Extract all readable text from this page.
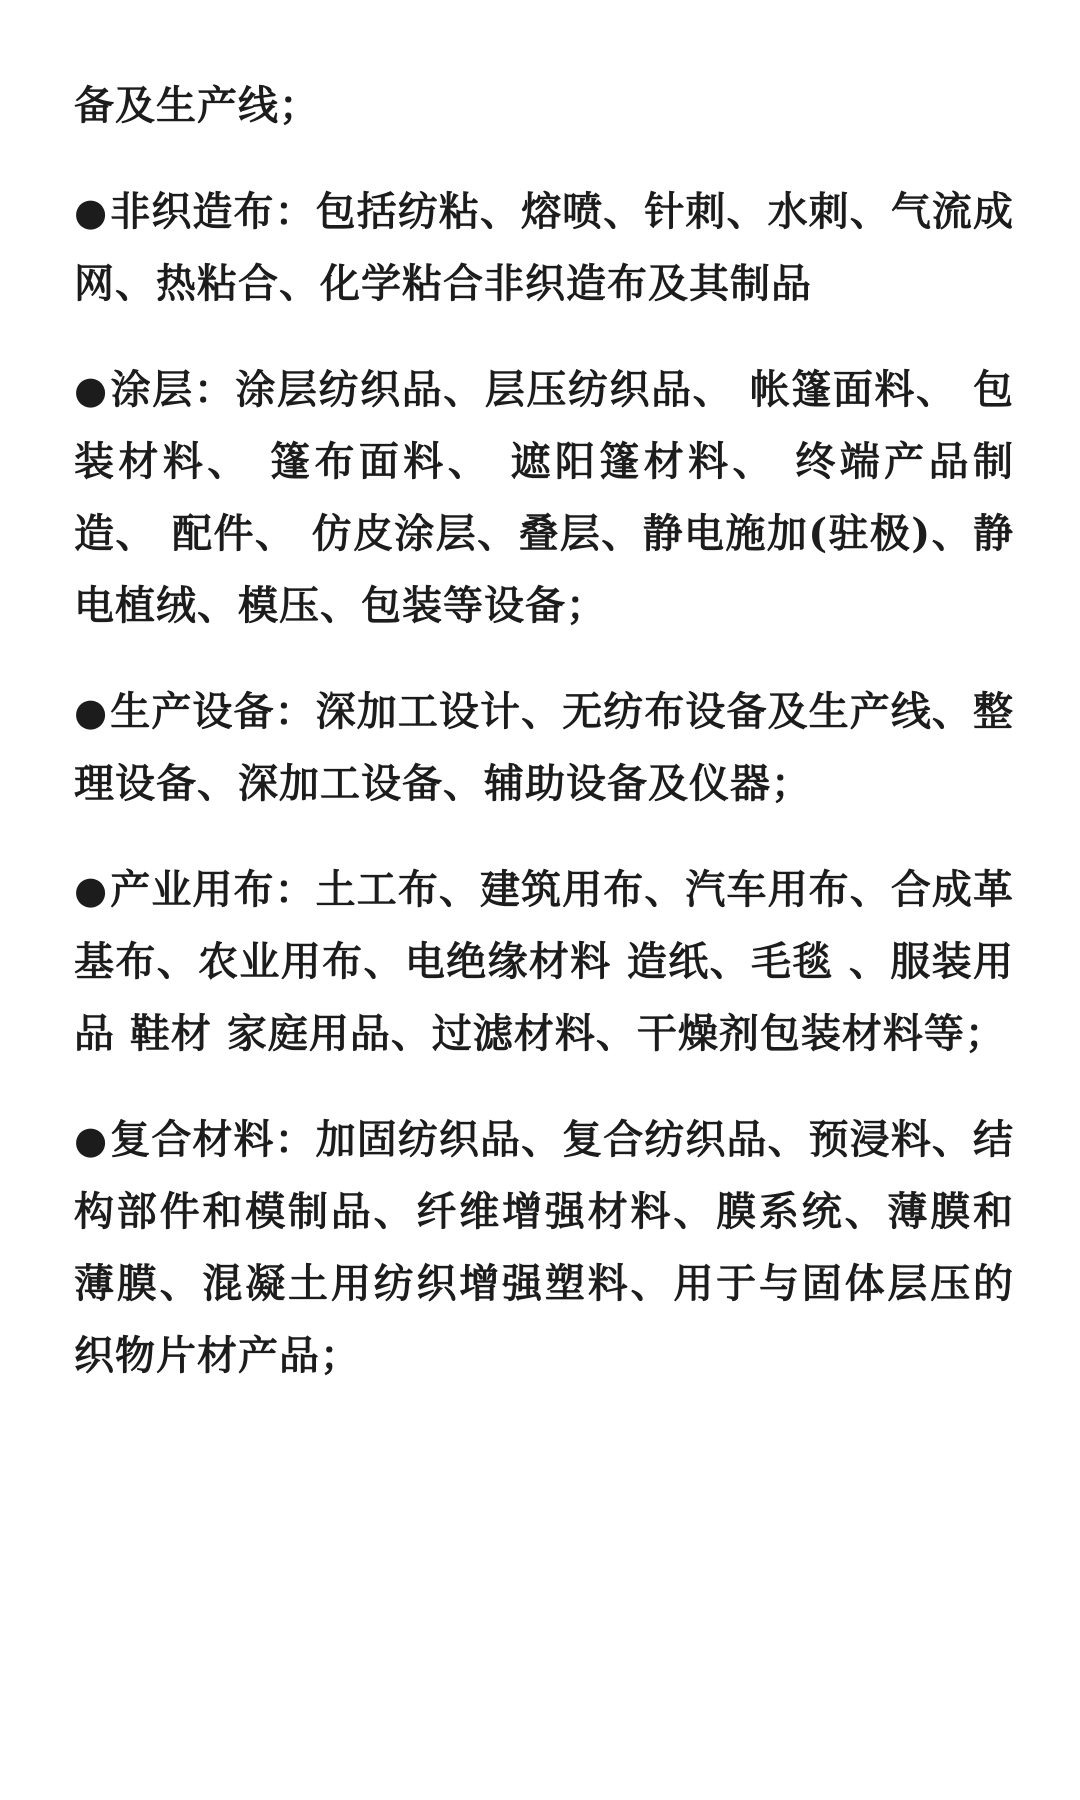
备及生产线；

●非织造布：包括纺粘、熔喷、针刺、水刺、气流成网、热粘合、化学粘合非织造布及其制品

●涂层：涂层纺织品、层压纺织品、 帐篷面料、 包装材料、 篷布面料、 遮阳篷材料、 终端产品制造、 配件、 仿皮涂层、叠层、静电施加(驻极)、静电植绒、模压、包装等设备；

●生产设备：深加工设计、无纺布设备及生产线、整理设备、深加工设备、辅助设备及仪器；

●产业用布：土工布、建筑用布、汽车用布、合成革基布、农业用布、电绝缘材料 造纸、毛毯 、服装用品 鞋材 家庭用品、过滤材料、干燥剂包装材料等；

●复合材料：加固纺织品、复合纺织品、预浸料、结构部件和模制品、纤维增强材料、膜系统、薄膜和薄膜、混凝土用纺织增强塑料、用于与固体层压的织物片材产品；
